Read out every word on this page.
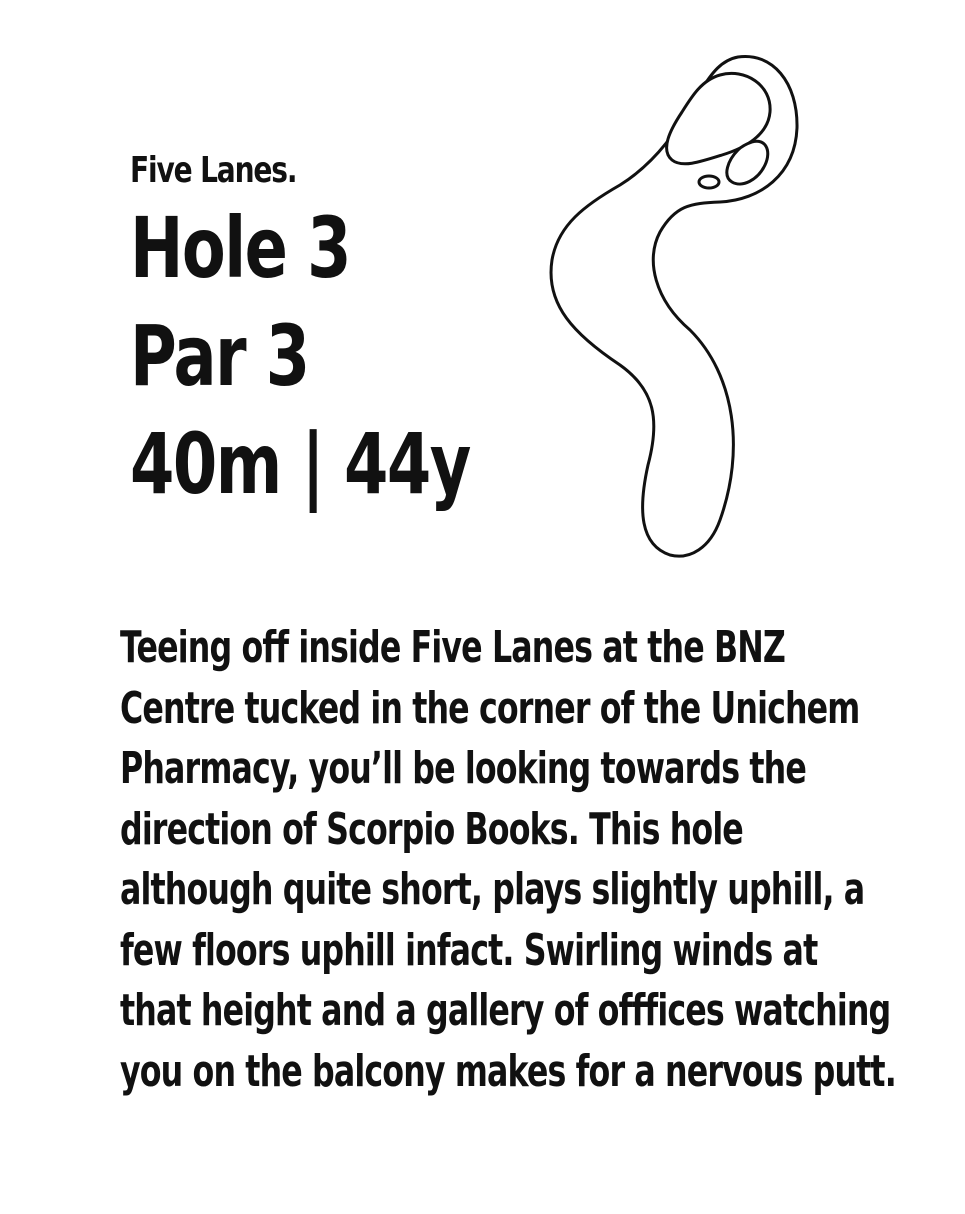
Five Lanes.
Hole 3
Par 3
40m | 44y
Teeing off inside Five Lanes at the BNZ
Centre tucked in the corner of the Unichem
Pharmacy, you’ll be looking towards the
direction of Scorpio Books. This hole
although quite short, plays slightly uphill, a
few floors uphill infact. Swirling winds at
that height and a gallery of offfices watching
you on the balcony makes for a nervous putt.
